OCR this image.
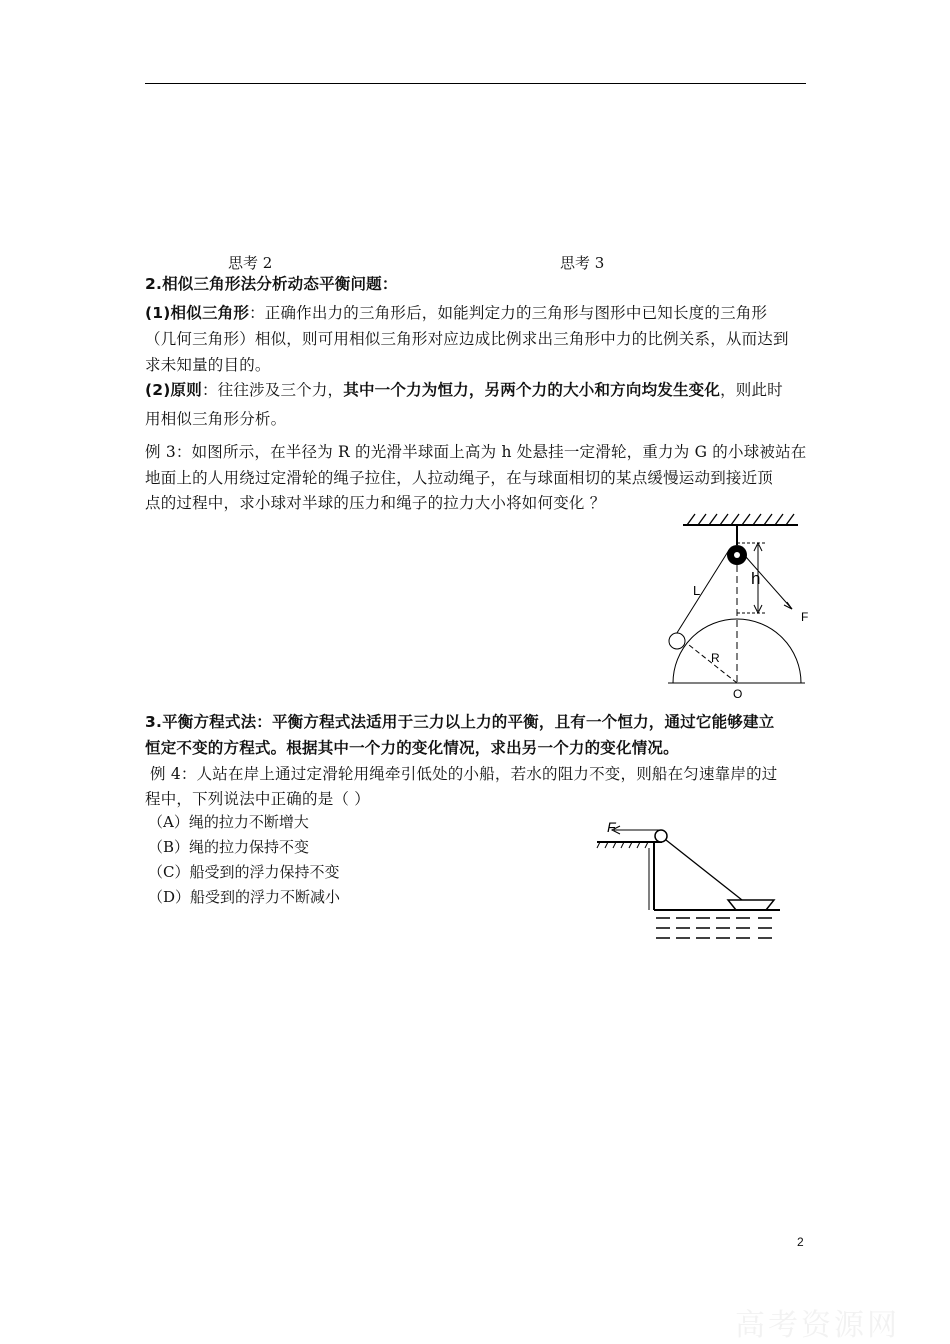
思考 2	思考 3
2.相似三角形法分析动态平衡问题：
(1)相似三角形：正确作出力的三角形后，如能判定力的三角形与图形中已知长度的三角形
（几何三角形）相似，则可用相似三角形对应边成比例求出三角形中力的比例关系，从而达到
求未知量的目的。
(2)原则：往往涉及三个力，其中一个力为恒力，另两个力的大小和方向均发生变化，则此时
用相似三角形分析。
例 3：如图所示，在半径为 R 的光滑半球面上高为 h 处悬挂一定滑轮，重力为 G 的小球被站在
地面上的人用绕过定滑轮的绳子拉住，人拉动绳子，在与球面相切的某点缓慢运动到接近顶
点的过程中，求小球对半球的压力和绳子的拉力大小将如何变化 ？
L
h
F
R
O
3.平衡方程式法：平衡方程式法适用于三力以上力的平衡，且有一个恒力，通过它能够建立
恒定不变的方程式。根据其中一个力的变化情况，求出另一个力的变化情况。
例 4：人站在岸上通过定滑轮用绳牵引低处的小船，若水的阻力不变，则船在匀速靠岸的过
程中，下列说法中正确的是（ ）
（A）绳的拉力不断增大
（B）绳的拉力保持不变
（C）船受到的浮力保持不变
（D）船受到的浮力不断减小
F
2
高考资源网
